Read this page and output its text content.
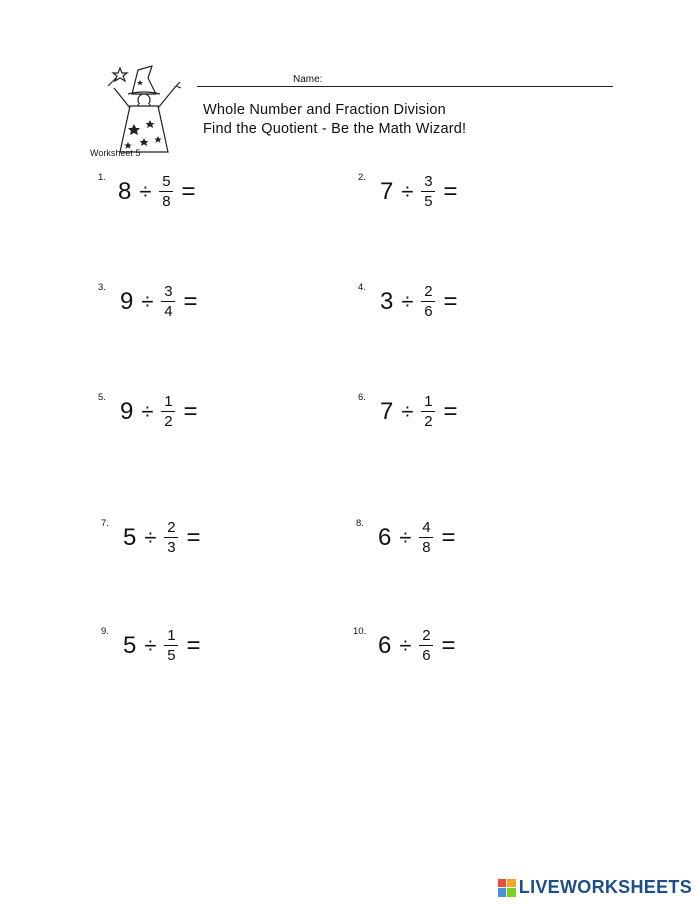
Worksheet 5
Name:
Whole Number and Fraction Division
Find the Quotient - Be the Math Wizard!
1. $8 \div \frac{5}{8}$ =	2. $7 \div \frac{3}{5}$ =
3. $9 \div \frac{3}{4}$ =	4. $3 \div \frac{2}{6}$ =
5. $9 \div \frac{1}{2}$ =	6. $7 \div \frac{1}{2}$ =
7. $5 \div \frac{2}{3}$ =	8. $6 \div \frac{4}{8}$ =
9. $5 \div \frac{1}{5}$ =	10. $6 \div \frac{2}{6}$ =
LIVEWORKSHEETS
